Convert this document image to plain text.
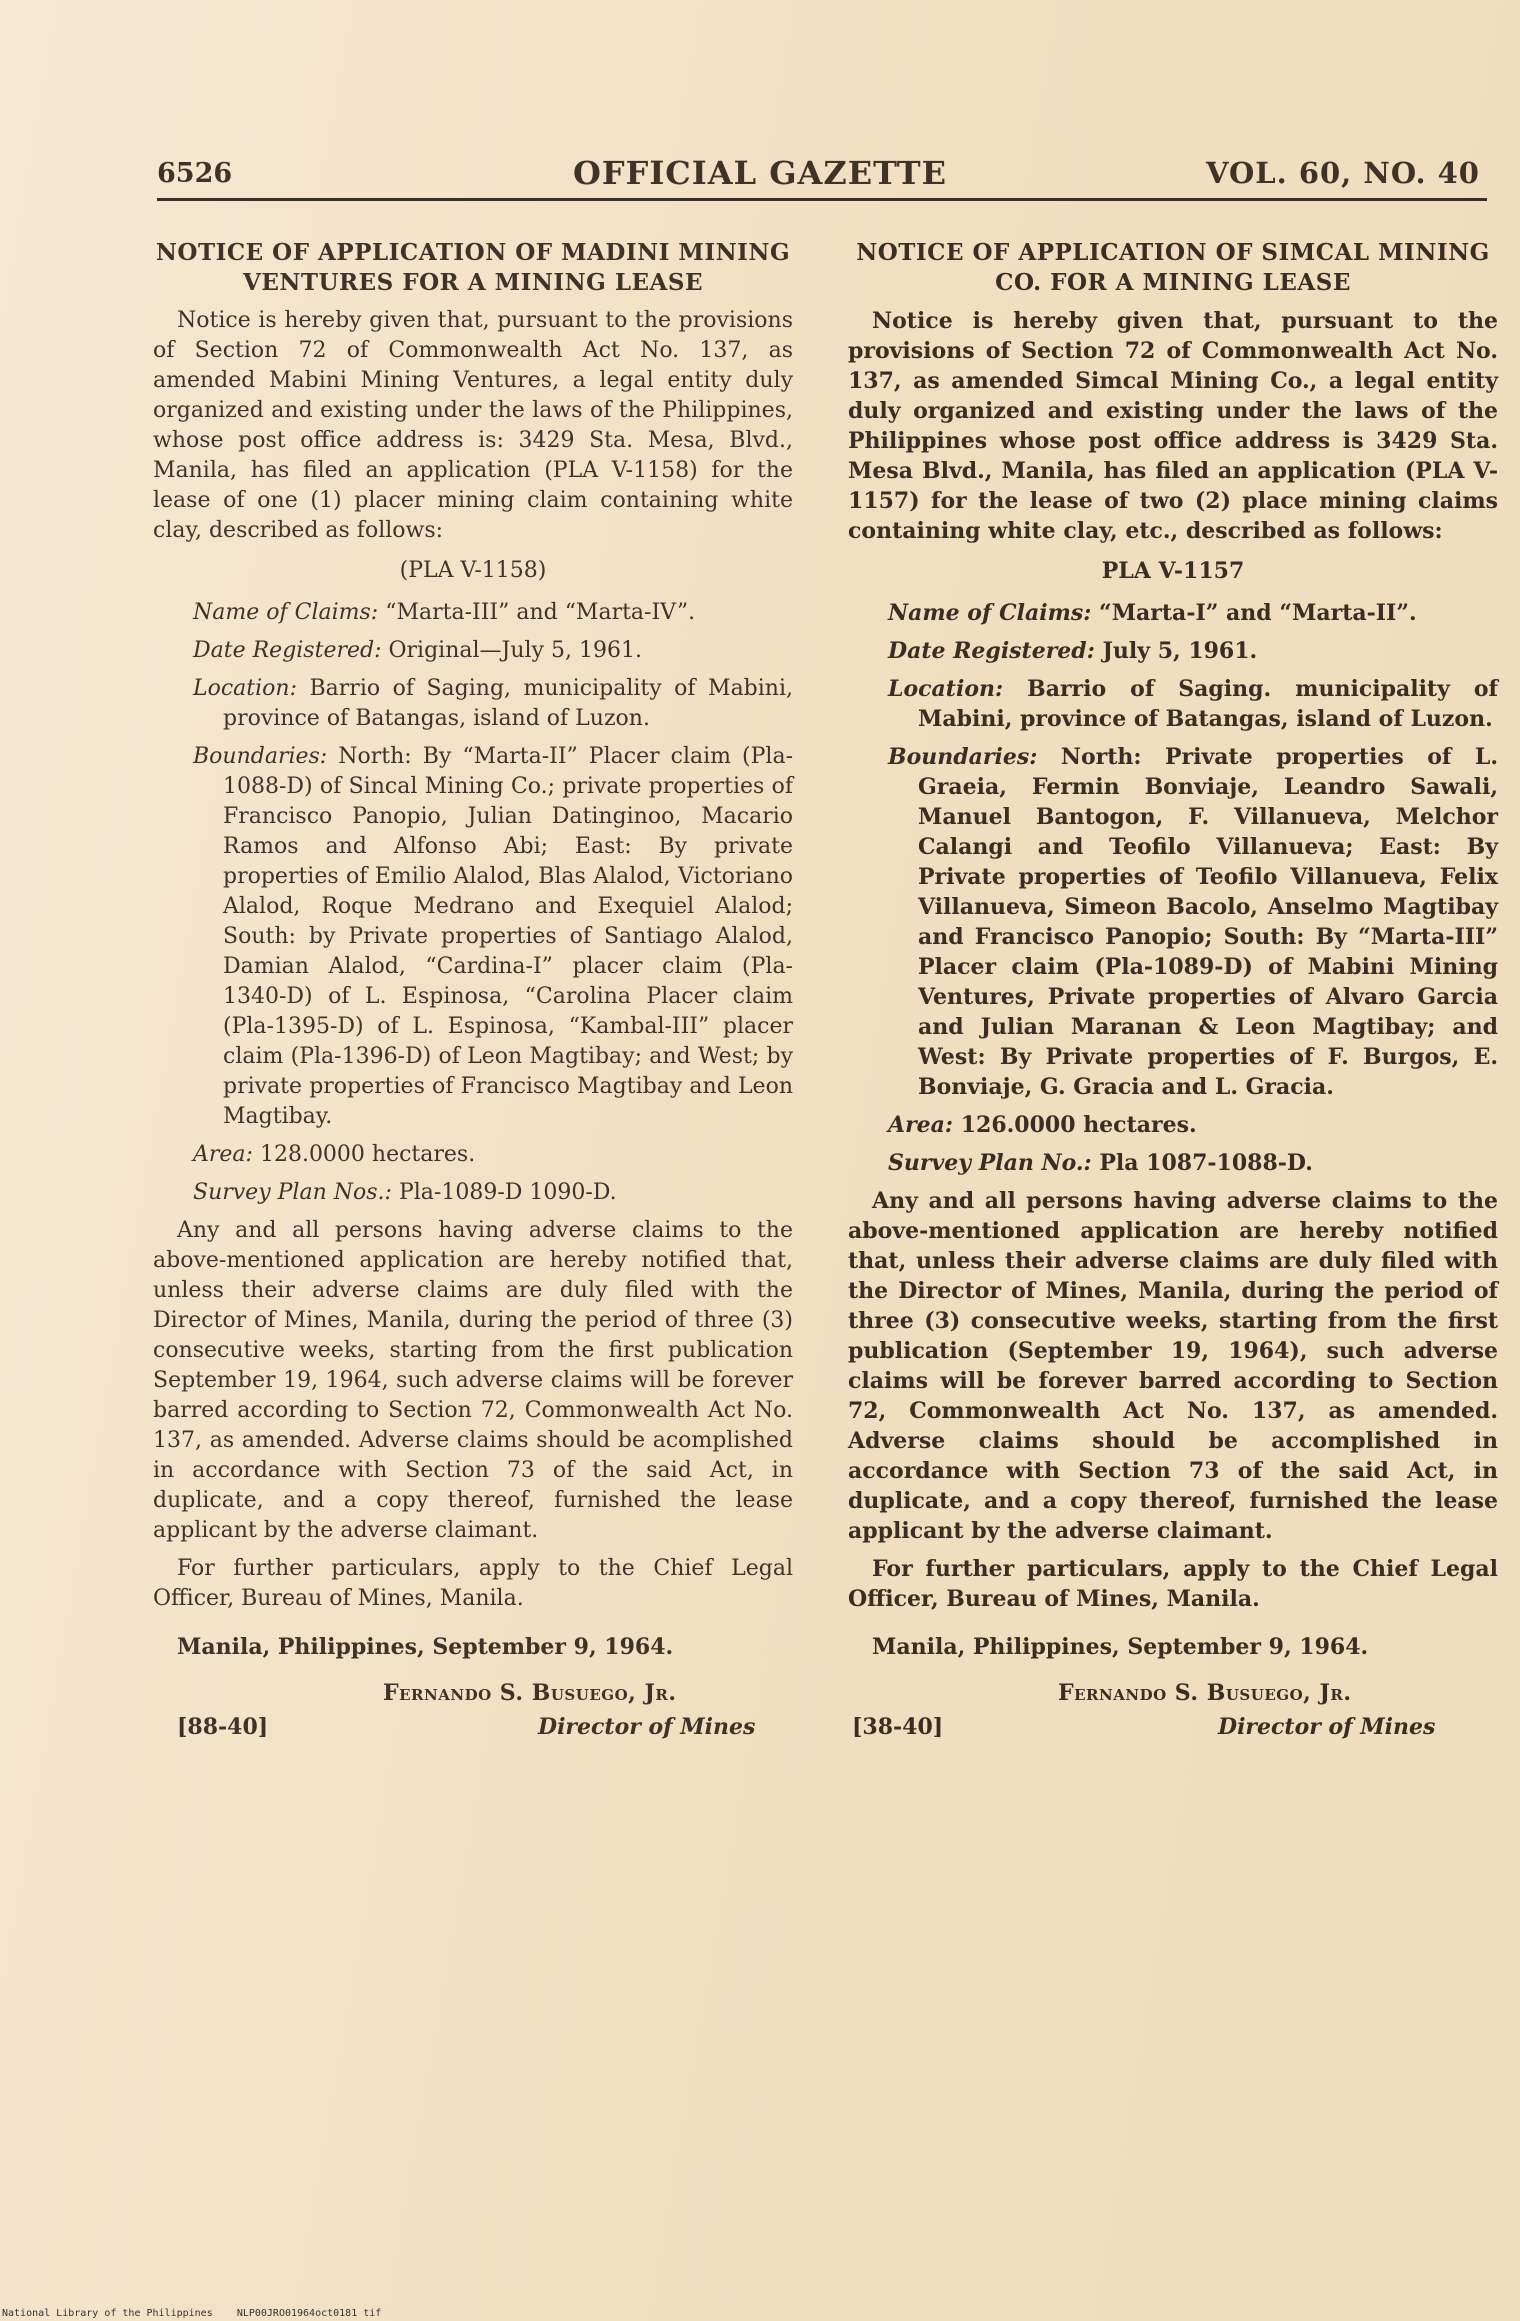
6526	OFFICIAL GAZETTE	VOL. 60, NO. 40
NOTICE OF APPLICATION OF MADINI MINING VENTURES FOR A MINING LEASE

Notice is hereby given that, pursuant to the provisions of Section 72 of Commonwealth Act No. 137, as amended Mabini Mining Ventures, a legal entity duly organized and existing under the laws of the Philippines, whose post office address is: 3429 Sta. Mesa, Blvd., Manila, has filed an application (PLA V-1158) for the lease of one (1) placer mining claim containing white clay, described as follows:

(PLA V-1158)

Name of Claims: “Marta-III” and “Marta-IV”.

Date Registered: Original—July 5, 1961.

Location: Barrio of Saging, municipality of Mabini, province of Batangas, island of Luzon.

Boundaries: North: By “Marta-II” Placer claim (Pla-1088-D) of Sincal Mining Co.; private properties of Francisco Panopio, Julian Datinginoo, Macario Ramos and Alfonso Abi; East: By private properties of Emilio Alalod, Blas Alalod, Victoriano Alalod, Roque Medrano and Exequiel Alalod; South: by Private properties of Santiago Alalod, Damian Alalod, “Cardina-I” placer claim (Pla-1340-D) of L. Espinosa, “Carolina Placer claim (Pla-1395-D) of L. Espinosa, “Kambal-III” placer claim (Pla-1396-D) of Leon Magtibay; and West; by private properties of Francisco Magtibay and Leon Magtibay.

Area: 128.0000 hectares.

Survey Plan Nos.: Pla-1089-D 1090-D.

Any and all persons having adverse claims to the above-mentioned application are hereby notified that, unless their adverse claims are duly filed with the Director of Mines, Manila, during the period of three (3) consecutive weeks, starting from the first publication September 19, 1964, such adverse claims will be forever barred according to Section 72, Commonwealth Act No. 137, as amended. Adverse claims should be acomplished in accordance with Section 73 of the said Act, in duplicate, and a copy thereof, furnished the lease applicant by the adverse claimant.

For further particulars, apply to the Chief Legal Officer, Bureau of Mines, Manila.

Manila, Philippines, September 9, 1964.
Fernando S. Busuego, Jr.
[88-40]	Director of Mines
NOTICE OF APPLICATION OF SIMCAL MINING CO. FOR A MINING LEASE

Notice is hereby given that, pursuant to the provisions of Section 72 of Commonwealth Act No. 137, as amended Simcal Mining Co., a legal entity duly organized and existing under the laws of the Philippines whose post office address is 3429 Sta. Mesa Blvd., Manila, has filed an application (PLA V-1157) for the lease of two (2) place mining claims containing white clay, etc., described as follows:

PLA V-1157

Name of Claims: “Marta-I” and “Marta-II”.

Date Registered: July 5, 1961.

Location: Barrio of Saging. municipality of Mabini, province of Batangas, island of Luzon.

Boundaries: North: Private properties of L. Graeia, Fermin Bonviaje, Leandro Sawali, Manuel Bantogon, F. Villanueva, Melchor Calangi and Teofilo Villanueva; East: By Private properties of Teofilo Villanueva, Felix Villanueva, Simeon Bacolo, Anselmo Magtibay and Francisco Panopio; South: By “Marta-III” Placer claim (Pla-1089-D) of Mabini Mining Ventures, Private properties of Alvaro Garcia and Julian Maranan & Leon Magtibay; and West: By Private properties of F. Burgos, E. Bonviaje, G. Gracia and L. Gracia.

Area: 126.0000 hectares.

Survey Plan No.: Pla 1087-1088-D.

Any and all persons having adverse claims to the above-mentioned application are hereby notified that, unless their adverse claims are duly filed with the Director of Mines, Manila, during the period of three (3) consecutive weeks, starting from the first publication (September 19, 1964), such adverse claims will be forever barred according to Section 72, Commonwealth Act No. 137, as amended. Adverse claims should be accomplished in accordance with Section 73 of the said Act, in duplicate, and a copy thereof, furnished the lease applicant by the adverse claimant.

For further particulars, apply to the Chief Legal Officer, Bureau of Mines, Manila.

Manila, Philippines, September 9, 1964.
Fernando S. Busuego, Jr.
[38-40]	Director of Mines
National Library of the Philippines NLP00JRO01964oct0181 tif
